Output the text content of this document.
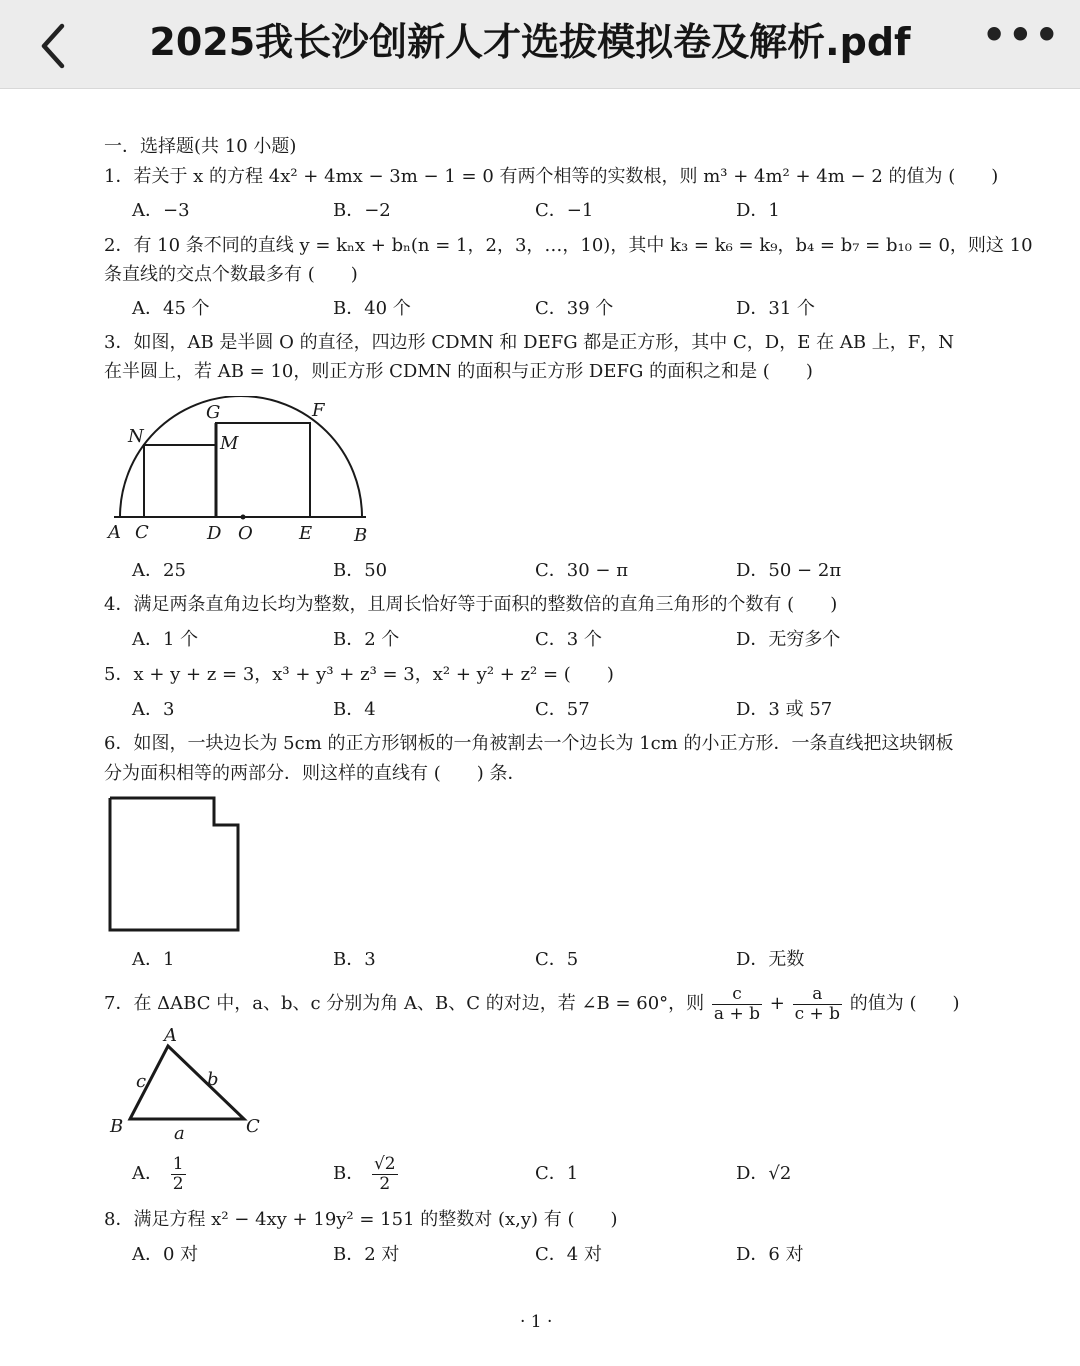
2025我长沙创新人才选拔模拟卷及解析.pdf	•••
一．选择题(共 10 小题)
1．若关于 x 的方程 4x² + 4mx − 3m − 1 = 0 有两个相等的实数根，则 m³ + 4m² + 4m − 2 的值为 (　　)
A．−3	B．−2	C．−1	D．1
2．有 10 条不同的直线 y = kₙx + bₙ(n = 1，2，3，…，10)，其中 k₃ = k₆ = k₉，b₄ = b₇ = b₁₀ = 0，则这 10
条直线的交点个数最多有 (　　)
A．45 个	B．40 个	C．39 个	D．31 个
3．如图，AB 是半圆 O 的直径，四边形 CDMN 和 DEFG 都是正方形，其中 C，D，E 在 AB 上，F，N
在半圆上，若 AB = 10，则正方形 CDMN 的面积与正方形 DEFG 的面积之和是 (　　)
N
G
M
F
A C	D O	E B
A．25	B．50	C．30 − π	D．50 − 2π
4．满足两条直角边长均为整数，且周长恰好等于面积的整数倍的直角三角形的个数有 (　　)
A．1 个	B．2 个	C．3 个	D．无穷多个
5．x + y + z = 3，x³ + y³ + z³ = 3，x² + y² + z² = (　　)
A．3	B．4	C．57	D．3 或 57
6．如图，一块边长为 5cm 的正方形钢板的一角被割去一个边长为 1cm 的小正方形．一条直线把这块钢板
分为面积相等的两部分．则这样的直线有 (　　) 条．
A．1	B．3	C．5	D．无数
7．在 ΔABC 中，a、b、c 分别为角 A、B、C 的对边，若 ∠B = 60°，则 $\frac{c}{a + b} + \frac{a}{c + b}$ 的值为 (　　)
A
c	b
B	a	C
A． $\frac{1}{2}$	B． $\frac{√2}{2}$	C．1	D．√2
8．满足方程 x² − 4xy + 19y² = 151 的整数对 (x,y) 有 (　　)
A．0 对	B．2 对	C．4 对	D．6 对
· 1 ·
